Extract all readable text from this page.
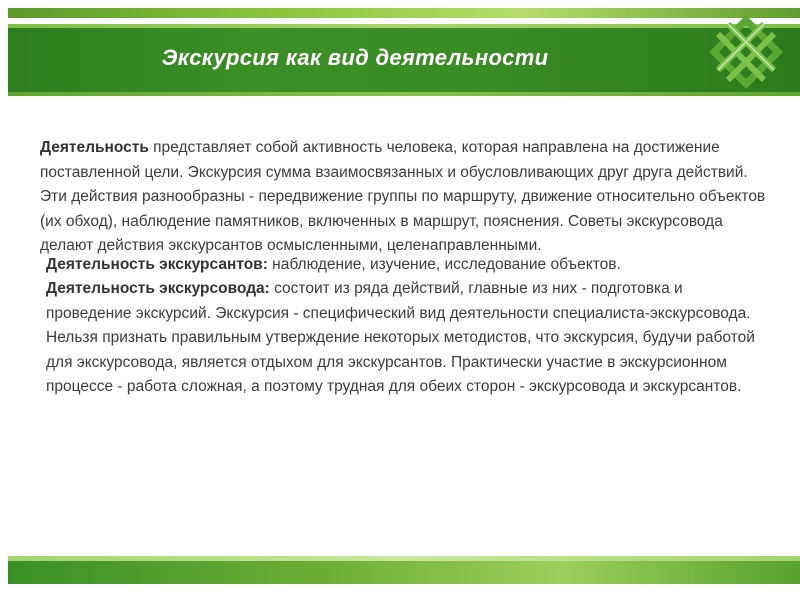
Экскурсия как вид деятельности

Деятельность представляет собой активность человека, которая направлена на достижение поставленной цели. Экскурсия сумма взаимосвязанных и обусловливающих друг друга действий. Эти действия разнообразны - передвижение группы по маршруту, движение относительно объектов (их обход), наблюдение памятников, включенных в маршрут, пояснения. Советы экскурсовода делают действия экскурсантов осмысленными, целенаправленными.

Деятельность экскурсантов: наблюдение, изучение, исследование объектов.

Деятельность экскурсовода: состоит из ряда действий, главные из них - подготовка и проведение экскурсий. Экскурсия - специфический вид деятельности специалиста-экскурсовода. Нельзя признать правильным утверждение некоторых методистов, что экскурсия, будучи работой для экскурсовода, является отдыхом для экскурсантов. Практически участие в экскурсионном процессе - работа сложная, а поэтому трудная для обеих сторон - экскурсовода и экскурсантов.
